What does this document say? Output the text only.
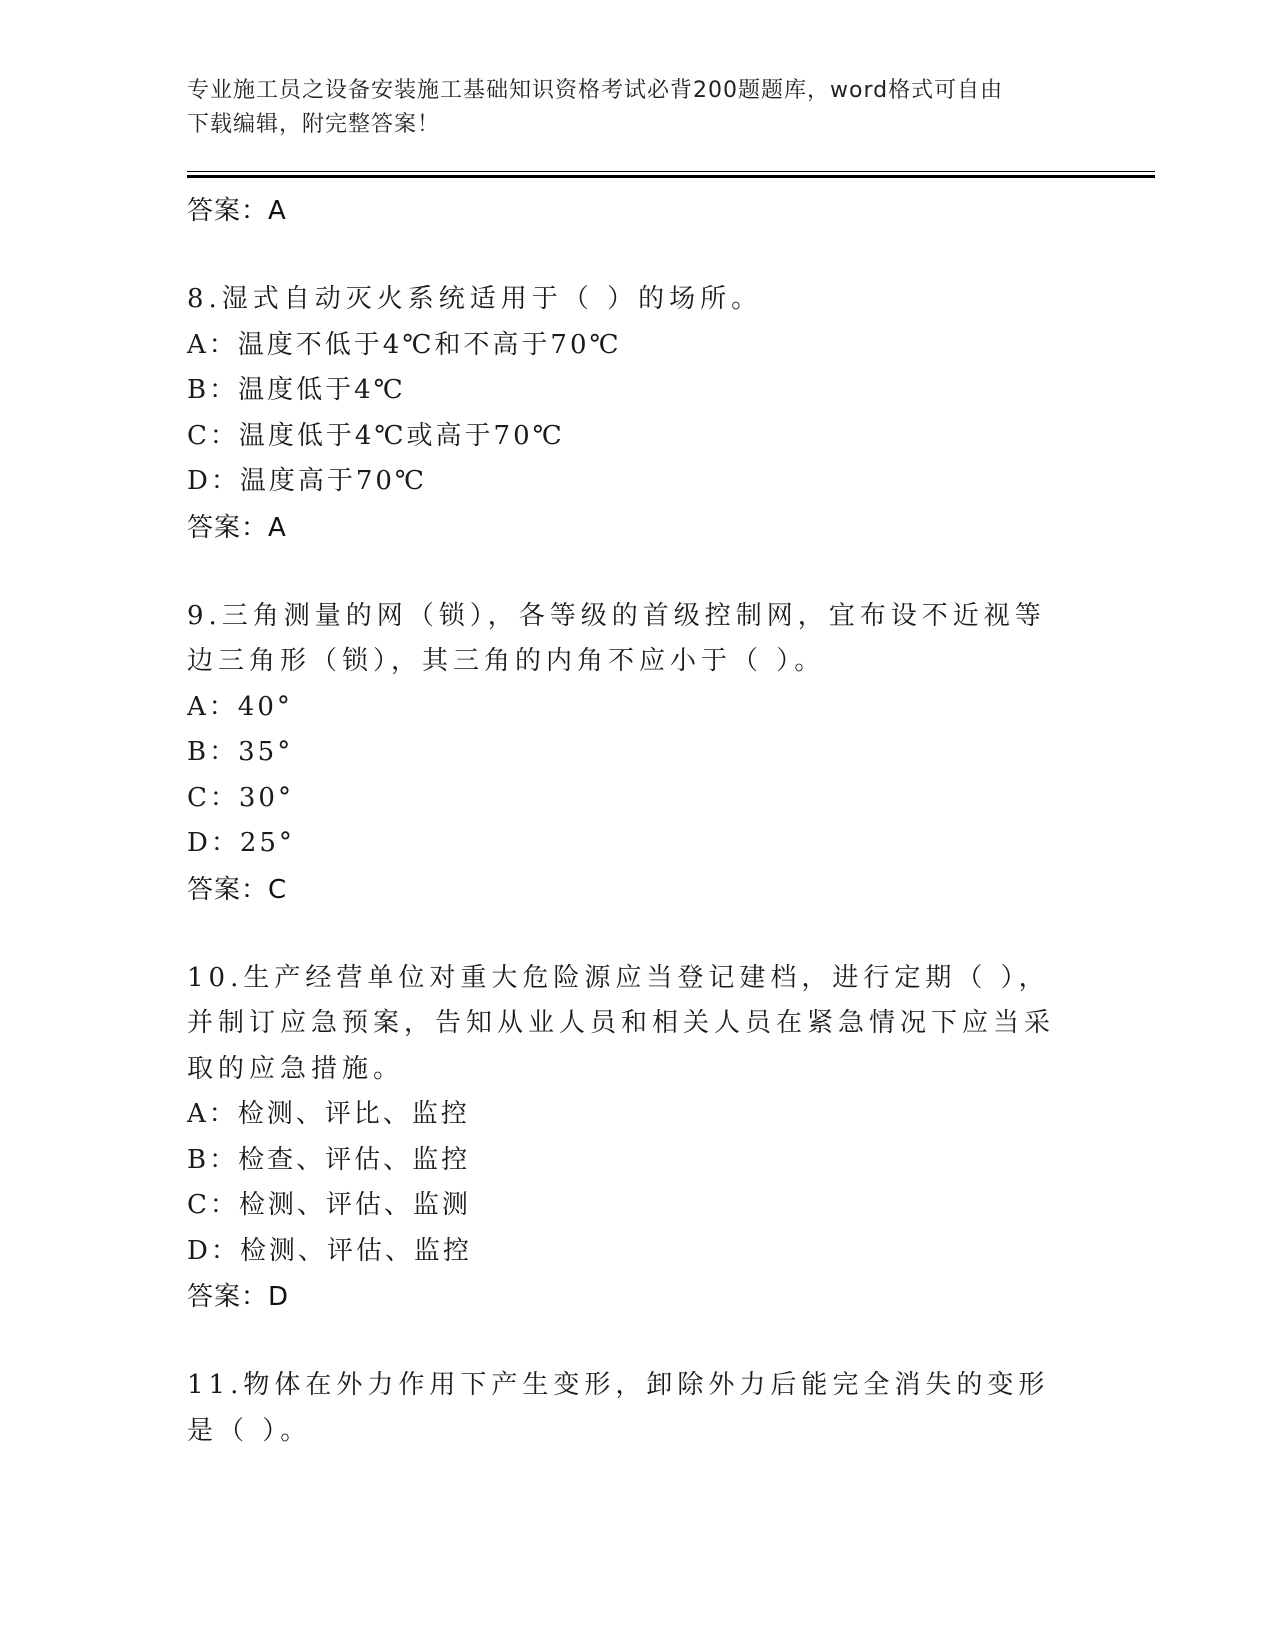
专业施工员之设备安装施工基础知识资格考试必背200题题库，word格式可自由
下载编辑，附完整答案！
答案：A
8.湿式自动灭火系统适用于（ ）的场所。
A：温度不低于4℃和不高于70℃
B：温度低于4℃
C：温度低于4℃或高于70℃
D：温度高于70℃
答案：A
9.三角测量的网（锁），各等级的首级控制网，宜布设不近视等边三角形（锁），其三角的内角不应小于（ ）。
A：40°
B：35°
C：30°
D：25°
答案：C
10.生产经营单位对重大危险源应当登记建档，进行定期（ ），并制订应急预案，告知从业人员和相关人员在紧急情况下应当采取的应急措施。
A：检测、评比、监控
B：检查、评估、监控
C：检测、评估、监测
D：检测、评估、监控
答案：D
11.物体在外力作用下产生变形，卸除外力后能完全消失的变形是（ ）。
